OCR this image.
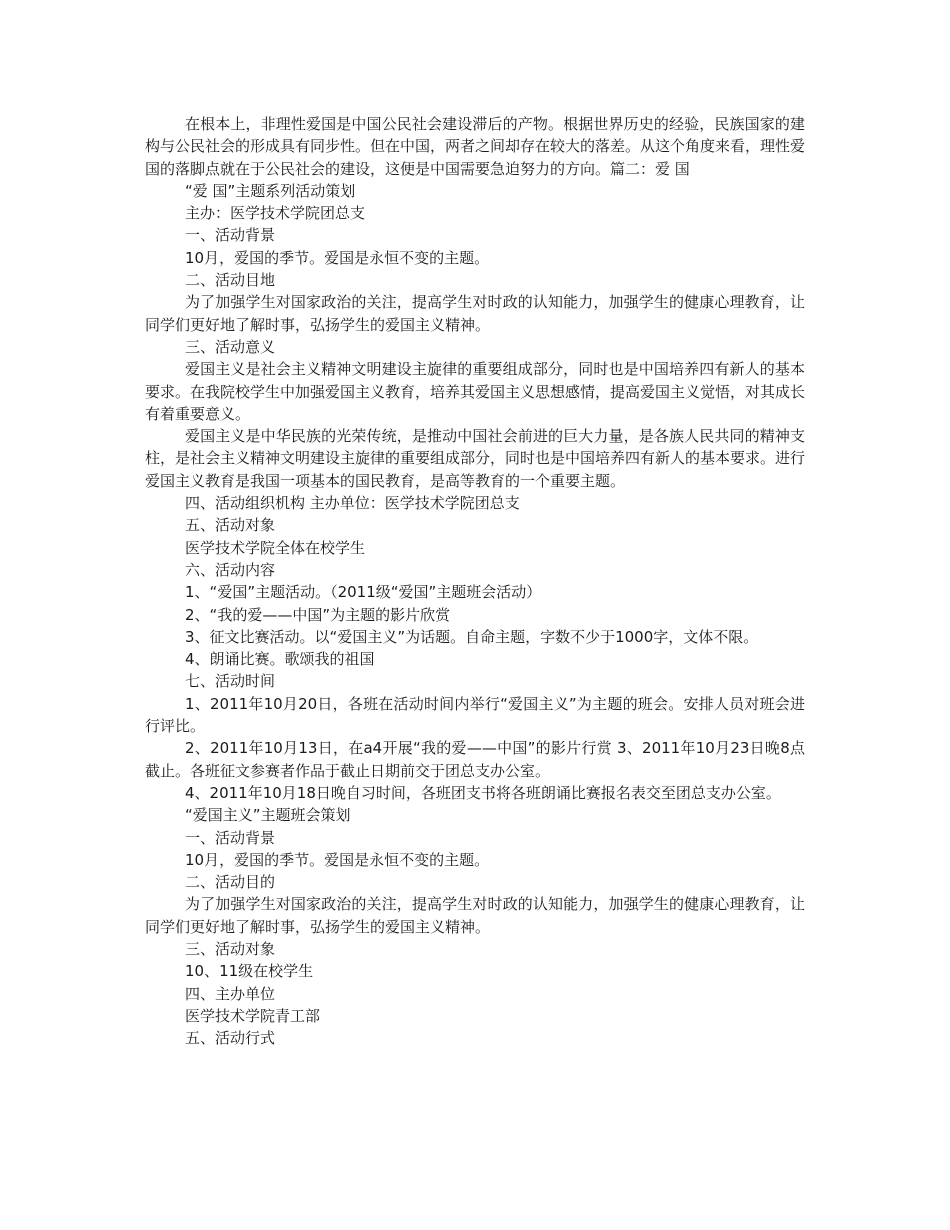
在根本上，非理性爱国是中国公民社会建设滞后的产物。根据世界历史的经验，民族国家的建构与公民社会的形成具有同步性。但在中国，两者之间却存在较大的落差。从这个角度来看，理性爱国的落脚点就在于公民社会的建设，这便是中国需要急迫努力的方向。篇二：爱 国

“爱 国”主题系列活动策划

主办：医学技术学院团总支

一、活动背景

10月，爱国的季节。爱国是永恒不变的主题。

二、活动目地

为了加强学生对国家政治的关注，提高学生对时政的认知能力，加强学生的健康心理教育，让同学们更好地了解时事，弘扬学生的爱国主义精神。

三、活动意义

爱国主义是社会主义精神文明建设主旋律的重要组成部分，同时也是中国培养四有新人的基本要求。在我院校学生中加强爱国主义教育，培养其爱国主义思想感情，提高爱国主义觉悟，对其成长有着重要意义。

爱国主义是中华民族的光荣传统，是推动中国社会前进的巨大力量，是各族人民共同的精神支柱，是社会主义精神文明建设主旋律的重要组成部分，同时也是中国培养四有新人的基本要求。进行爱国主义教育是我国一项基本的国民教育，是高等教育的一个重要主题。

四、活动组织机构 主办单位：医学技术学院团总支

五、活动对象

医学技术学院全体在校学生

六、活动内容

1、“爱国”主题活动。（2011级“爱国”主题班会活动）

2、“我的爱——中国”为主题的影片欣赏

3、征文比赛活动。以“爱国主义”为话题。自命主题，字数不少于1000字，文体不限。

4、朗诵比赛。歌颂我的祖国

七、活动时间

1、2011年10月20日，各班在活动时间内举行“爱国主义”为主题的班会。安排人员对班会进行评比。

2、2011年10月13日，在a4开展“我的爱——中国”的影片行赏 3、2011年10月23日晚8点截止。各班征文参赛者作品于截止日期前交于团总支办公室。

4、2011年10月18日晚自习时间，各班团支书将各班朗诵比赛报名表交至团总支办公室。

“爱国主义”主题班会策划

一、活动背景

10月，爱国的季节。爱国是永恒不变的主题。

二、活动目的

为了加强学生对国家政治的关注，提高学生对时政的认知能力，加强学生的健康心理教育，让同学们更好地了解时事，弘扬学生的爱国主义精神。

三、活动对象

10、11级在校学生

四、主办单位

医学技术学院青工部

五、活动行式
